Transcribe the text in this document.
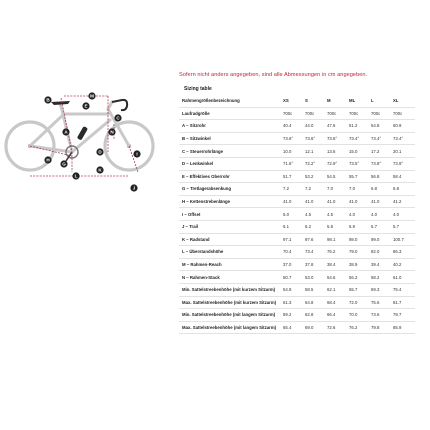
M
E
B
C
N
D
A
I
G
L
H
K
J

Sofern nicht anders angegeben, sind alle Abmessungen in cm angegeben.

Sizing table
Rahmengrößenbezeichnung	XS	S	M	ML	L	XL
Laufradgröße	700c	700c	700c	700c	700c	700c
A – Sitzrohr	40.4	44.0	47.6	51.2	54.8	60.9
B – Sitzwinkel	73.6°	73.6°	73.6°	73.4°	73.4°	73.4°
C – Steuerrohrlänge	10.0	12.1	13.6	15.0	17.2	20.1
D – Lenkwinkel	71.6°	72.2°	72.9°	73.5°	73.8°	73.9°
E – Effektives Oberrohr	51.7	53.2	54.5	55.7	56.8	58.4
G – Tretlagerabsenkung	7.2	7.2	7.0	7.0	6.8	6.8
H – Kettenstrebenlänge	41.0	41.0	41.0	41.0	41.0	41.2
I – Offset	5.0	4.5	4.5	4.0	4.0	4.0
J – Trail	6.1	6.2	5.8	5.9	5.7	5.7
K – Radstand	97.1	97.6	98.1	98.0	99.0	100.7
L – Überstandshöhe	70.4	73.4	76.2	79.0	82.0	86.3
M – Rahmen-Reach	37.0	37.8	38.4	38.9	39.4	40.2
N – Rahmen-Stack	50.7	53.0	54.6	56.2	58.2	61.0
Min. Sattelstreebenhöhe (mit kurzem Sitzarm)	54.9	58.5	62.1	65.7	69.3	75.4
Max. Sattelstreebenhöhe (mit kurzem Sitzarm)	61.3	64.8	68.4	72.0	75.6	81.7
Min. Sattelstreebenhöhe (mit langem Sitzarm)	59.2	62.8	66.4	70.0	73.6	79.7
Max. Sattelstreebenhöhe (mit langem Sitzarm)	65.4	69.0	72.6	76.2	79.8	85.9
